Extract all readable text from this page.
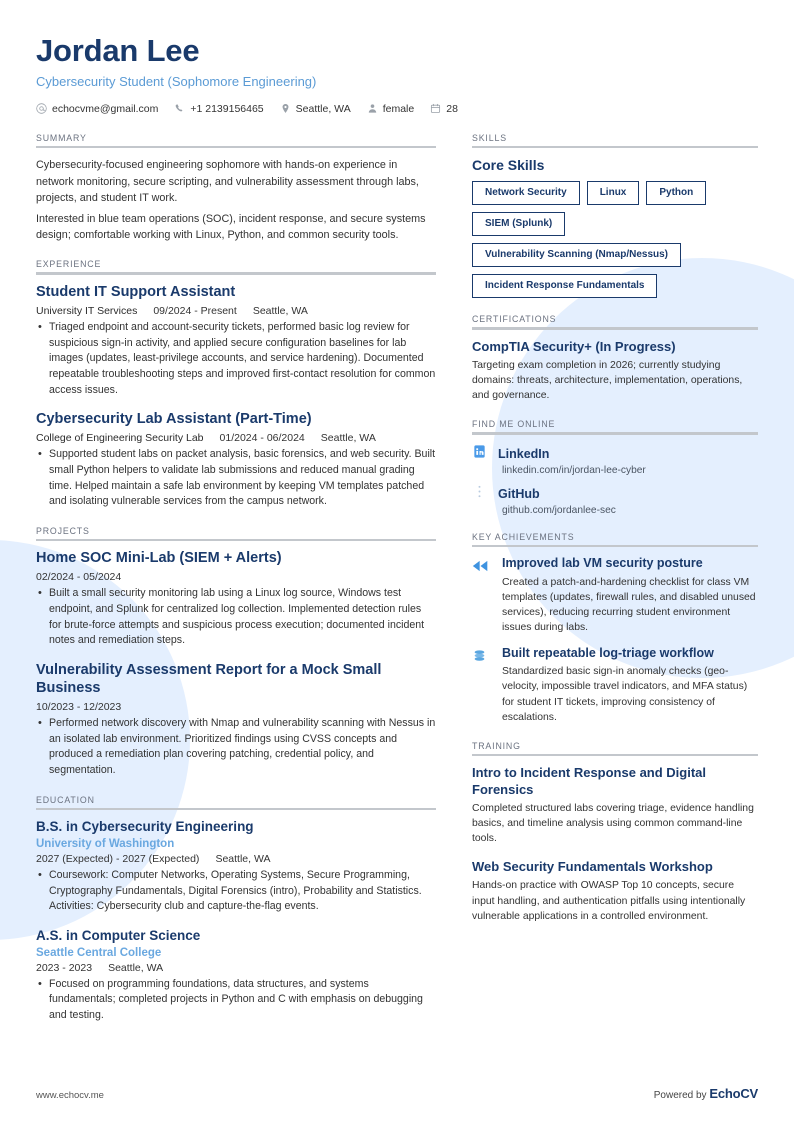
Jordan Lee
Cybersecurity Student (Sophomore Engineering)
echocvme@gmail.com	+1 2139156465	Seattle, WA	female	28
SUMMARY

Cybersecurity-focused engineering sophomore with hands-on experience in network monitoring, secure scripting, and vulnerability assessment through labs, projects, and student IT work.

Interested in blue team operations (SOC), incident response, and secure systems design; comfortable working with Linux, Python, and common security tools.

EXPERIENCE
Student IT Support Assistant
University IT Services 09/2024 - Present Seattle, WA
• Triaged endpoint and account-security tickets, performed basic log review for suspicious sign-in activity, and applied secure configuration baselines for lab images (updates, least-privilege accounts, and service hardening). Documented repeatable troubleshooting steps and improved first-contact resolution for common access issues.
Cybersecurity Lab Assistant (Part-Time)
College of Engineering Security Lab 01/2024 - 06/2024 Seattle, WA
• Supported student labs on packet analysis, basic forensics, and web security. Built small Python helpers to validate lab submissions and reduced manual grading time. Helped maintain a safe lab environment by keeping VM templates patched and isolating vulnerable services from the campus network.
PROJECTS
Home SOC Mini-Lab (SIEM + Alerts)
02/2024 - 05/2024
• Built a small security monitoring lab using a Linux log source, Windows test endpoint, and Splunk for centralized log collection. Implemented detection rules for brute-force attempts and suspicious process execution; documented incident notes and remediation steps.
Vulnerability Assessment Report for a Mock Small Business
10/2023 - 12/2023
• Performed network discovery with Nmap and vulnerability scanning with Nessus in an isolated lab environment. Prioritized findings using CVSS concepts and produced a remediation plan covering patching, credential policy, and segmentation.
EDUCATION
B.S. in Cybersecurity Engineering
University of Washington
2027 (Expected) - 2027 (Expected) Seattle, WA
• Coursework: Computer Networks, Operating Systems, Secure Programming, Cryptography Fundamentals, Digital Forensics (intro), Probability and Statistics. Activities: Cybersecurity club and capture-the-flag events.
A.S. in Computer Science
Seattle Central College
2023 - 2023 Seattle, WA
• Focused on programming foundations, data structures, and systems fundamentals; completed projects in Python and C with emphasis on debugging and testing.
SKILLS
Core Skills
Network Security	Linux	Python
SIEM (Splunk)
Vulnerability Scanning (Nmap/Nessus)
Incident Response Fundamentals
CERTIFICATIONS
CompTIA Security+ (In Progress)
Targeting exam completion in 2026; currently studying domains: threats, architecture, implementation, operations, and governance.
FIND ME ONLINE
LinkedIn
linkedin.com/in/jordan-lee-cyber
GitHub
github.com/jordanlee-sec
KEY ACHIEVEMENTS
Improved lab VM security posture
Created a patch-and-hardening checklist for class VM templates (updates, firewall rules, and disabled unused services), reducing recurring student environment issues during labs.
Built repeatable log-triage workflow
Standardized basic sign-in anomaly checks (geo-velocity, impossible travel indicators, and MFA status) for student IT tickets, improving consistency of escalations.
TRAINING
Intro to Incident Response and Digital Forensics
Completed structured labs covering triage, evidence handling basics, and timeline analysis using common command-line tools.
Web Security Fundamentals Workshop
Hands-on practice with OWASP Top 10 concepts, secure input handling, and authentication pitfalls using intentionally vulnerable applications in a controlled environment.
www.echocv.me	Powered by EchoCV
